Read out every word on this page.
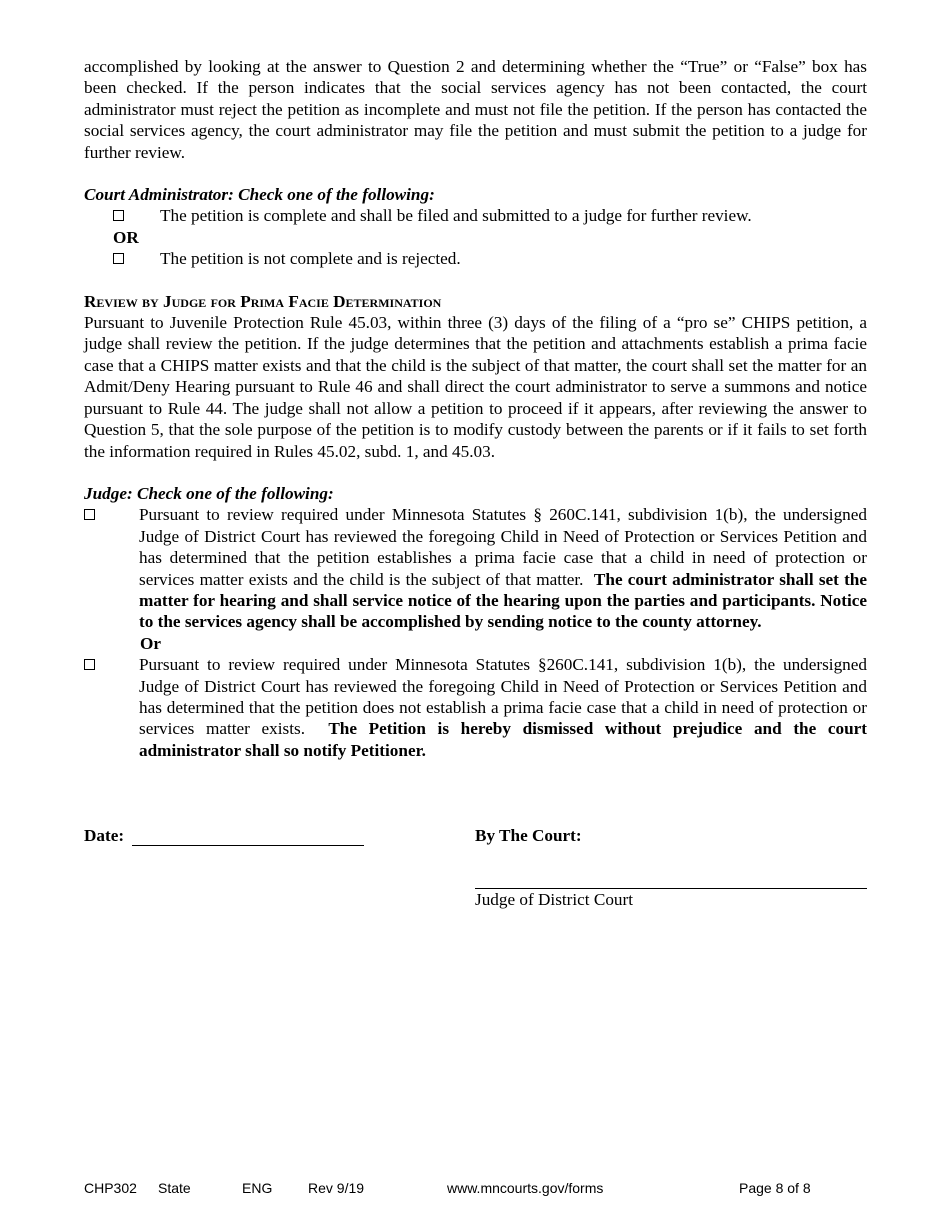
accomplished by looking at the answer to Question 2 and determining whether the “True” or “False” box has been checked. If the person indicates that the social services agency has not been contacted, the court administrator must reject the petition as incomplete and must not file the petition. If the person has contacted the social services agency, the court administrator may file the petition and must submit the petition to a judge for further review.

Court Administrator: Check one of the following:
The petition is complete and shall be filed and submitted to a judge for further review.
OR
The petition is not complete and is rejected.
Review by Judge for Prima Facie Determination

Pursuant to Juvenile Protection Rule 45.03, within three (3) days of the filing of a “pro se” CHIPS petition, a judge shall review the petition. If the judge determines that the petition and attachments establish a prima facie case that a CHIPS matter exists and that the child is the subject of that matter, the court shall set the matter for an Admit/Deny Hearing pursuant to Rule 46 and shall direct the court administrator to serve a summons and notice pursuant to Rule 44. The judge shall not allow a petition to proceed if it appears, after reviewing the answer to Question 5, that the sole purpose of the petition is to modify custody between the parents or if it fails to set forth the information required in Rules 45.02, subd. 1, and 45.03.

Judge: Check one of the following:
Pursuant to review required under Minnesota Statutes § 260C.141, subdivision 1(b), the undersigned Judge of District Court has reviewed the foregoing Child in Need of Protection or Services Petition and has determined that the petition establishes a prima facie case that a child in need of protection or services matter exists and the child is the subject of that matter. The court administrator shall set the matter for hearing and shall service notice of the hearing upon the parties and participants. Notice to the services agency shall be accomplished by sending notice to the county attorney.
Or
Pursuant to review required under Minnesota Statutes §260C.141, subdivision 1(b), the undersigned Judge of District Court has reviewed the foregoing Child in Need of Protection or Services Petition and has determined that the petition does not establish a prima facie case that a child in need of protection or services matter exists. The Petition is hereby dismissed without prejudice and the court administrator shall so notify Petitioner.
Date:	By The Court:
Judge of District Court
CHP302 State	ENG	Rev 9/19	www.mncourts.gov/forms	Page 8 of 8
